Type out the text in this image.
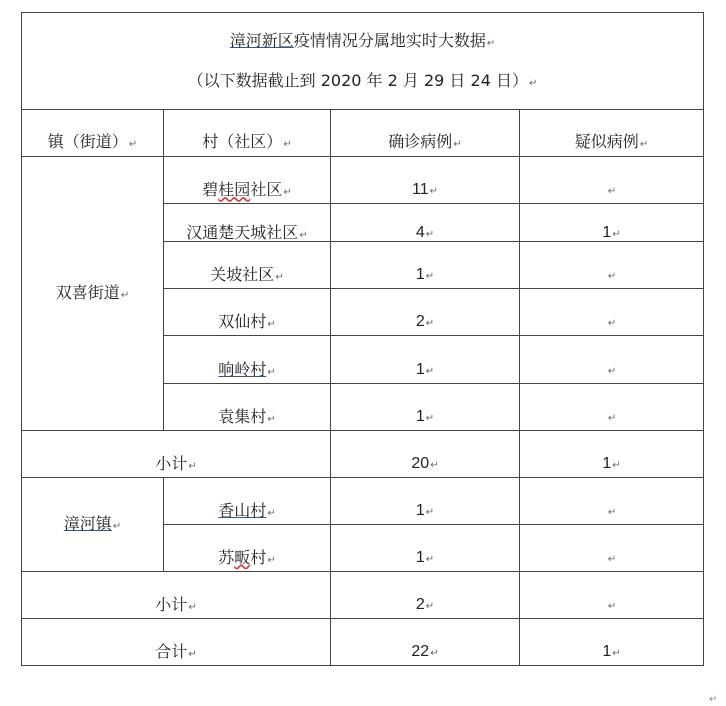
漳河新区疫情情况分属地实时大数据↵
（以下数据截止到 2020 年 2 月 29 日 24 日）↵			

镇（街道）↵	村（社区）↵	确诊病例↵	疑似病例↵
双喜街道↵	碧桂园社区↵	11↵	↵
	汉通楚天城社区↵	4↵	1↵
	关坡社区↵	1↵	↵
	双仙村↵	2↵	↵
	响岭村↵	1↵	↵
	袁集村↵	1↵	↵
小计↵		20↵	1↵
漳河镇↵	香山村↵	1↵	↵
	苏畈村↵	1↵	↵
小计↵		2↵	↵
合计↵		22↵	1↵
↵
